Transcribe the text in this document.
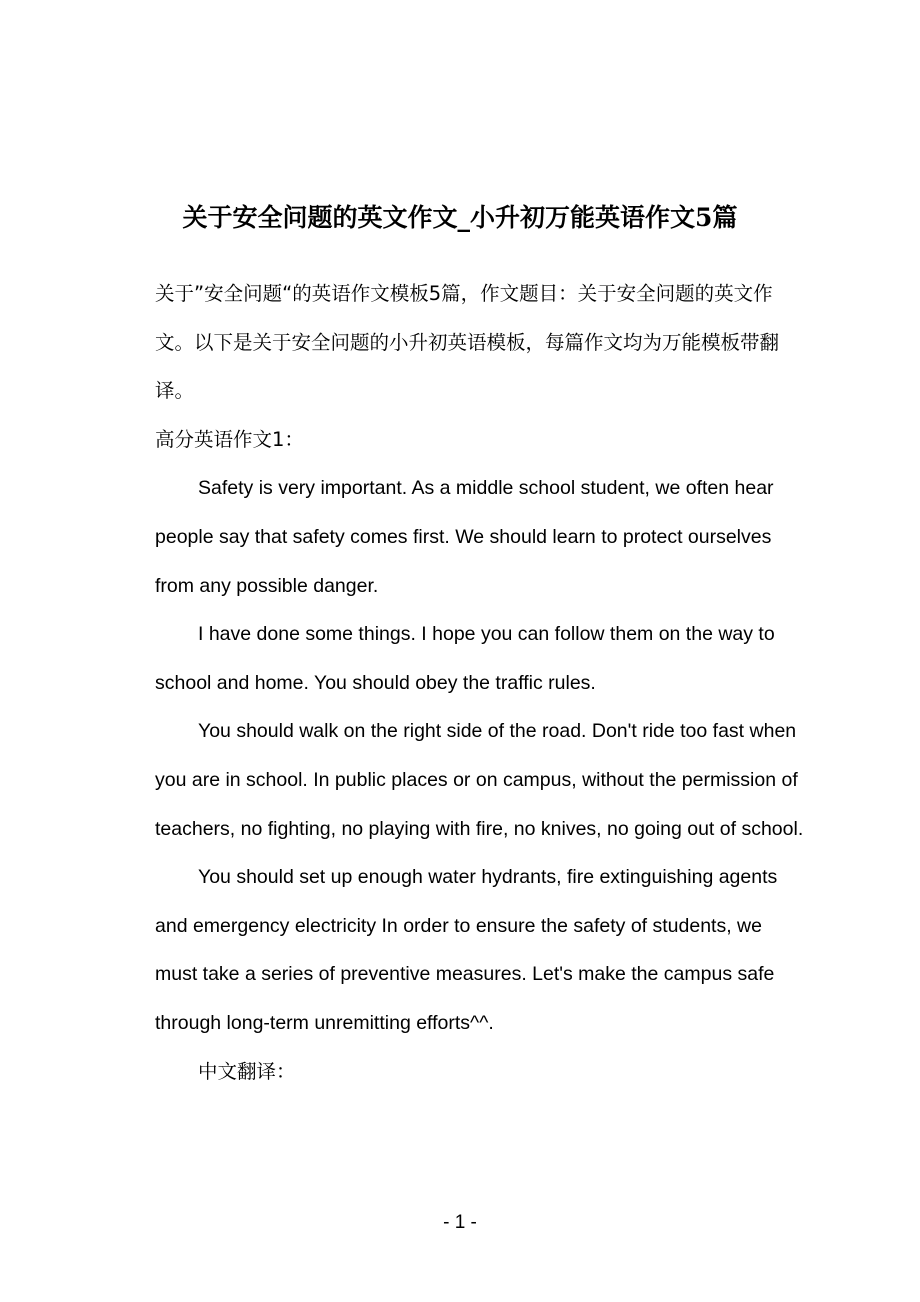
关于安全问题的英文作文_小升初万能英语作文5篇

关于”安全问题“的英语作文模板5篇，作文题目：关于安全问题的英文作文。以下是关于安全问题的小升初英语模板，每篇作文均为万能模板带翻译。

高分英语作文1：

Safety is very important. As a middle school student, we often hear people say that safety comes first. We should learn to protect ourselves from any possible danger.

I have done some things. I hope you can follow them on the way to school and home. You should obey the traffic rules.

You should walk on the right side of the road. Don't ride too fast when you are in school. In public places or on campus, without the permission of teachers, no fighting, no playing with fire, no knives, no going out of school.

You should set up enough water hydrants, fire extinguishing agents and emergency electricity In order to ensure the safety of students, we must take a series of preventive measures. Let's make the campus safe through long-term unremitting efforts^^.

中文翻译：

- 1 -
